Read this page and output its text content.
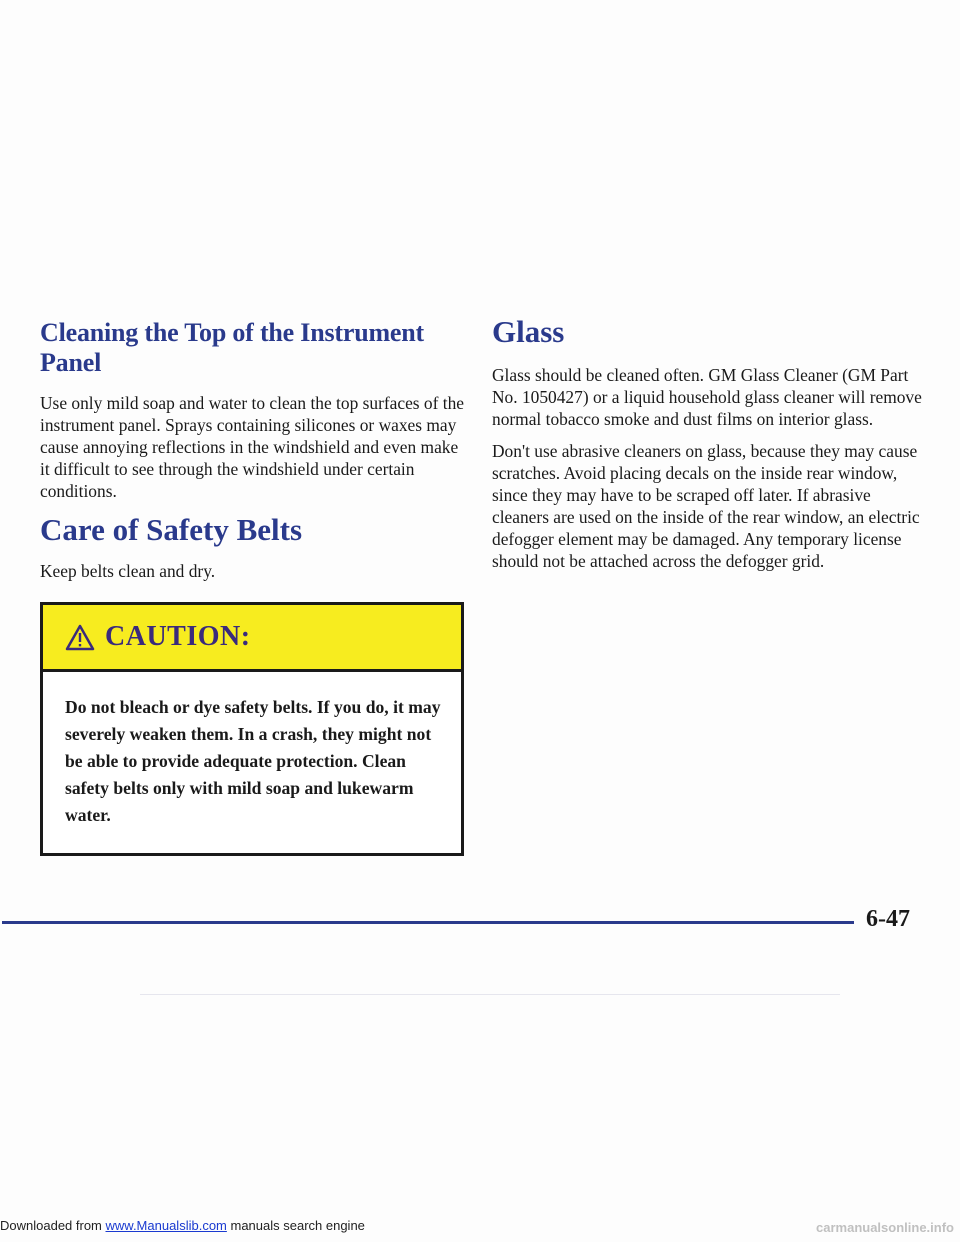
Cleaning the Top of the Instrument Panel

Use only mild soap and water to clean the top surfaces of the instrument panel. Sprays containing silicones or waxes may cause annoying reflections in the windshield and even make it difficult to see through the windshield under certain conditions.

Care of Safety Belts

Keep belts clean and dry.

CAUTION:
Do not bleach or dye safety belts. If you do, it may severely weaken them. In a crash, they might not be able to provide adequate protection. Clean safety belts only with mild soap and lukewarm water.
Glass

Glass should be cleaned often. GM Glass Cleaner (GM Part No. 1050427) or a liquid household glass cleaner will remove normal tobacco smoke and dust films on interior glass.

Don't use abrasive cleaners on glass, because they may cause scratches. Avoid placing decals on the inside rear window, since they may have to be scraped off later. If abrasive cleaners are used on the inside of the rear window, an electric defogger element may be damaged. Any temporary license should not be attached across the defogger grid.

6-47
Downloaded from www.Manualslib.com manuals search engine	carmanualsonline.info
